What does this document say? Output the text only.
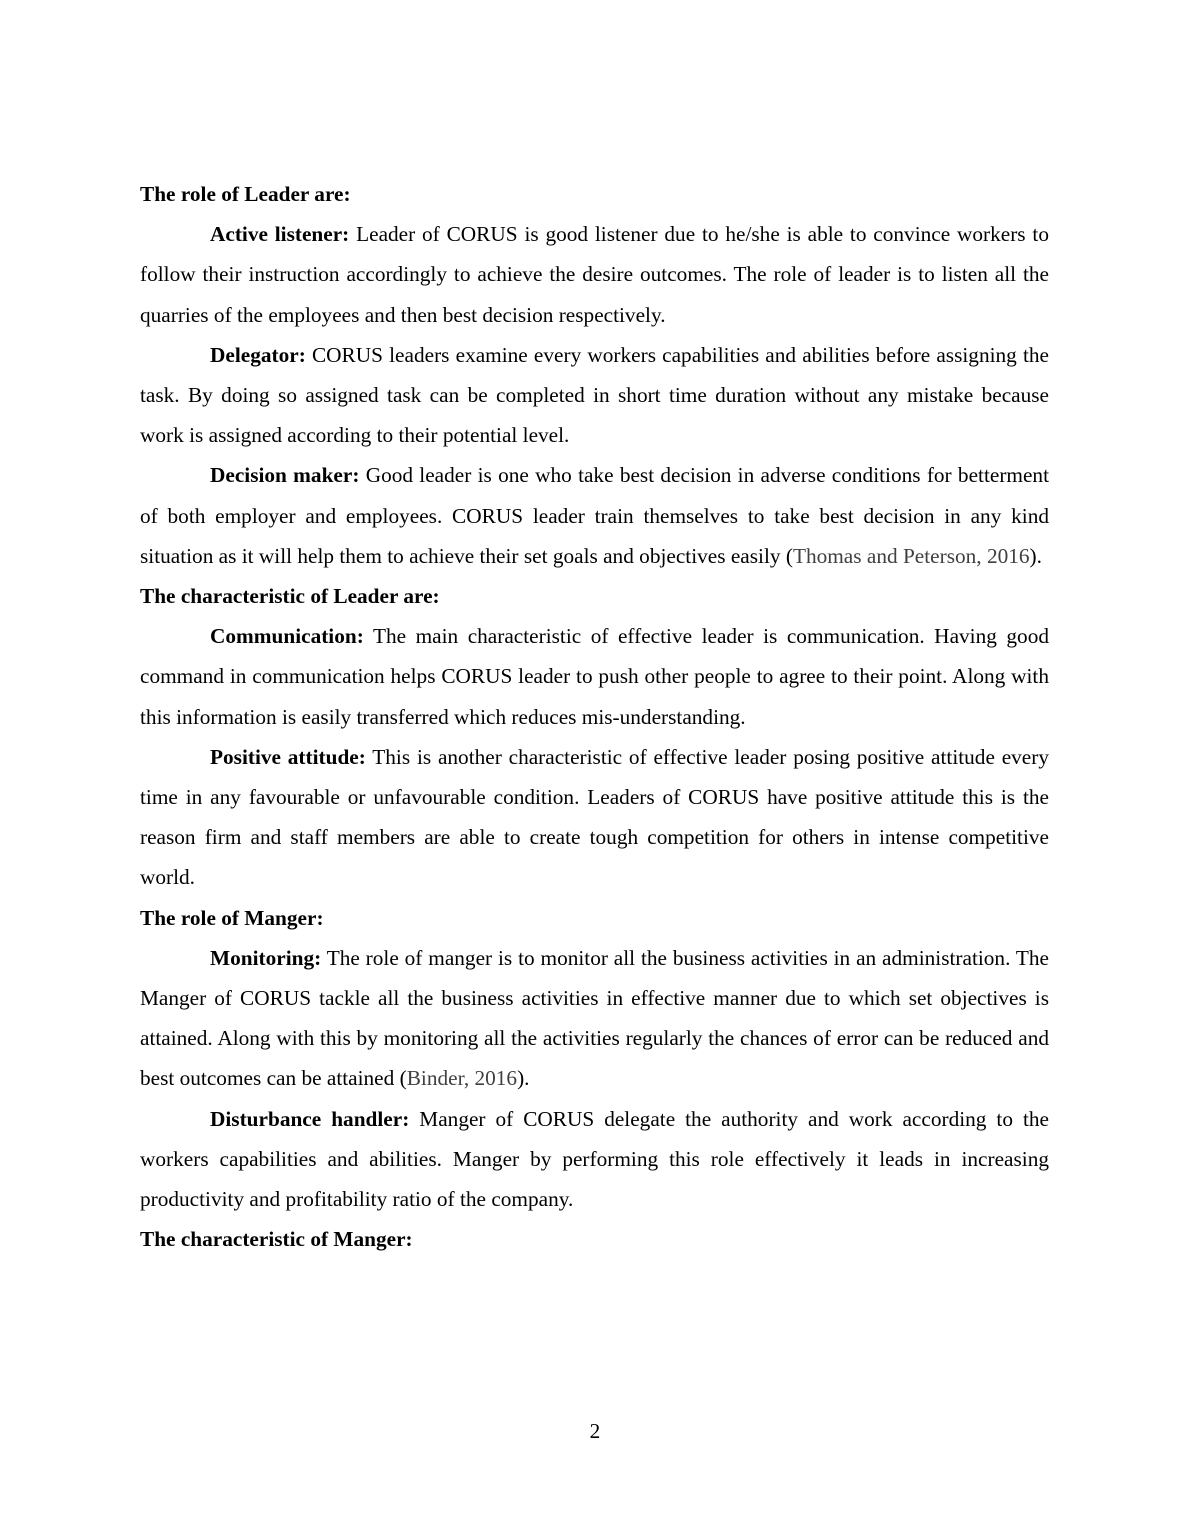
The role of Leader are:

Active listener: Leader of CORUS is good listener due to he/she is able to convince workers to follow their instruction accordingly to achieve the desire outcomes. The role of leader is to listen all the quarries of the employees and then best decision respectively.

Delegator: CORUS leaders examine every workers capabilities and abilities before assigning the task. By doing so assigned task can be completed in short time duration without any mistake because work is assigned according to their potential level.

Decision maker: Good leader is one who take best decision in adverse conditions for betterment of both employer and employees. CORUS leader train themselves to take best decision in any kind situation as it will help them to achieve their set goals and objectives easily (Thomas and Peterson, 2016).

The characteristic of Leader are:

Communication: The main characteristic of effective leader is communication. Having good command in communication helps CORUS leader to push other people to agree to their point. Along with this information is easily transferred which reduces mis-understanding.

Positive attitude: This is another characteristic of effective leader posing positive attitude every time in any favourable or unfavourable condition. Leaders of CORUS have positive attitude this is the reason firm and staff members are able to create tough competition for others in intense competitive world.

The role of Manger:

Monitoring: The role of manger is to monitor all the business activities in an administration. The Manger of CORUS tackle all the business activities in effective manner due to which set objectives is attained. Along with this by monitoring all the activities regularly the chances of error can be reduced and best outcomes can be attained (Binder, 2016).

Disturbance handler: Manger of CORUS delegate the authority and work according to the workers capabilities and abilities. Manger by performing this role effectively it leads in increasing productivity and profitability ratio of the company.

The characteristic of Manger:

2
